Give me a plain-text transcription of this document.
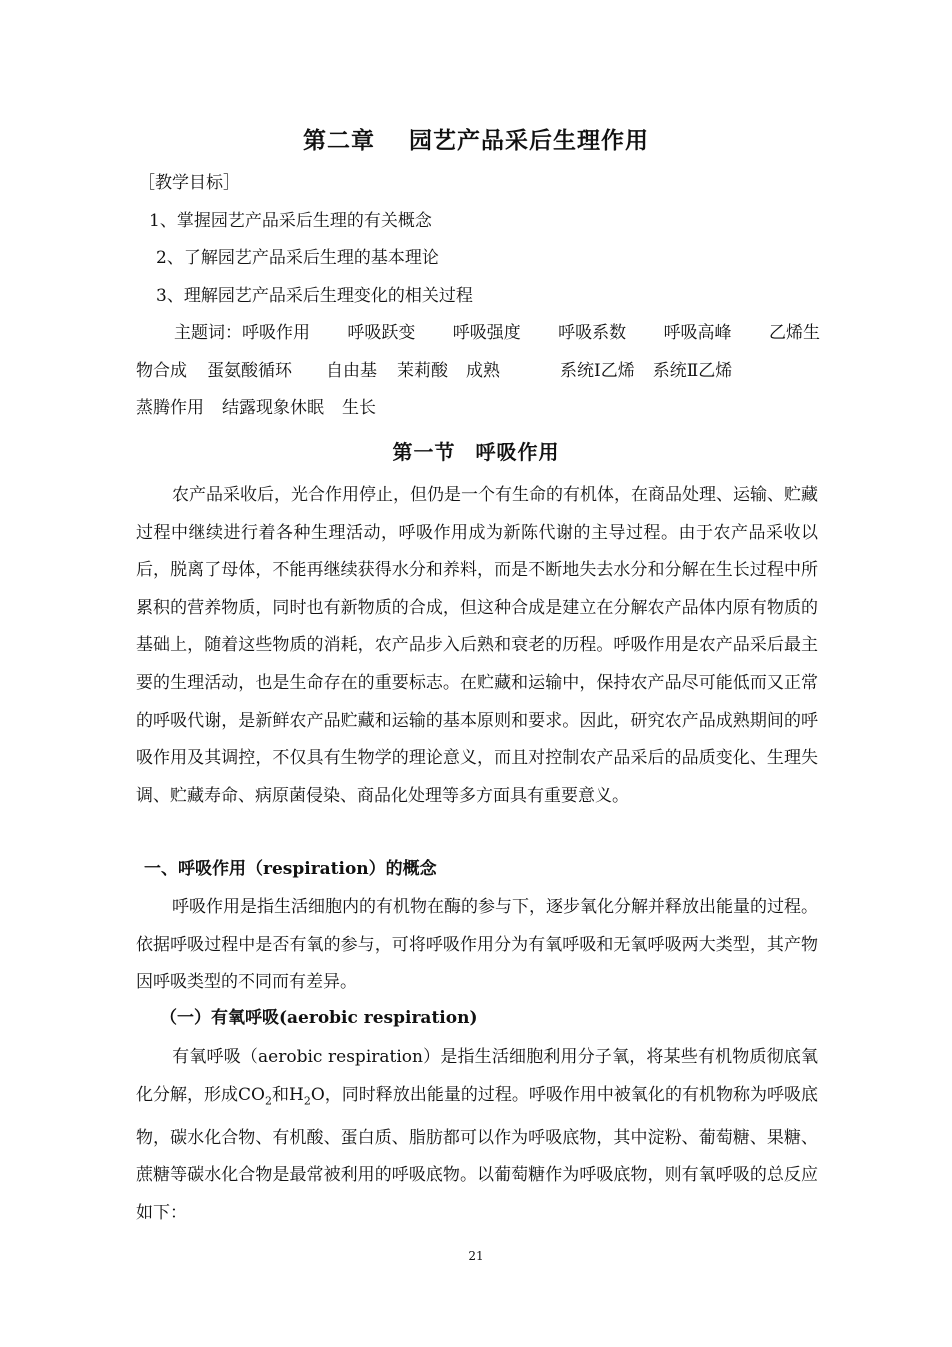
第二章 园艺产品采后生理作用
［教学目标］
1、掌握园艺产品采后生理的有关概念
2、了解园艺产品采后生理的基本理论
3、理解园艺产品采后生理变化的相关过程
主题词：呼吸作用 呼吸跃变 呼吸强度 呼吸系数 呼吸高峰 乙烯生
物合成 蛋氨酸循环 自由基 茉莉酸 成熟	系统Ⅰ乙烯 系统Ⅱ乙烯
蒸腾作用 结露现象休眠 生长
第一节 呼吸作用

农产品采收后，光合作用停止，但仍是一个有生命的有机体，在商品处理、运输、贮藏过程中继续进行着各种生理活动，呼吸作用成为新陈代谢的主导过程。由于农产品采收以后，脱离了母体，不能再继续获得水分和养料，而是不断地失去水分和分解在生长过程中所累积的营养物质，同时也有新物质的合成，但这种合成是建立在分解农产品体内原有物质的基础上，随着这些物质的消耗，农产品步入后熟和衰老的历程。呼吸作用是农产品采后最主要的生理活动，也是生命存在的重要标志。在贮藏和运输中，保持农产品尽可能低而又正常的呼吸代谢，是新鲜农产品贮藏和运输的基本原则和要求。因此，研究农产品成熟期间的呼吸作用及其调控，不仅具有生物学的理论意义，而且对控制农产品采后的品质变化、生理失调、贮藏寿命、病原菌侵染、商品化处理等多方面具有重要意义。

一、呼吸作用（respiration）的概念

呼吸作用是指生活细胞内的有机物在酶的参与下，逐步氧化分解并释放出能量的过程。依据呼吸过程中是否有氧的参与，可将呼吸作用分为有氧呼吸和无氧呼吸两大类型，其产物因呼吸类型的不同而有差异。

（一）有氧呼吸(aerobic respiration)

有氧呼吸（aerobic respiration）是指生活细胞利用分子氧，将某些有机物质彻底氧化分解，形成$CO_2$和$H_2O$，同时释放出能量的过程。呼吸作用中被氧化的有机物称为呼吸底物，碳水化合物、有机酸、蛋白质、脂肪都可以作为呼吸底物，其中淀粉、葡萄糖、果糖、蔗糖等碳水化合物是最常被利用的呼吸底物。以葡萄糖作为呼吸底物，则有氧呼吸的总反应如下：

21
